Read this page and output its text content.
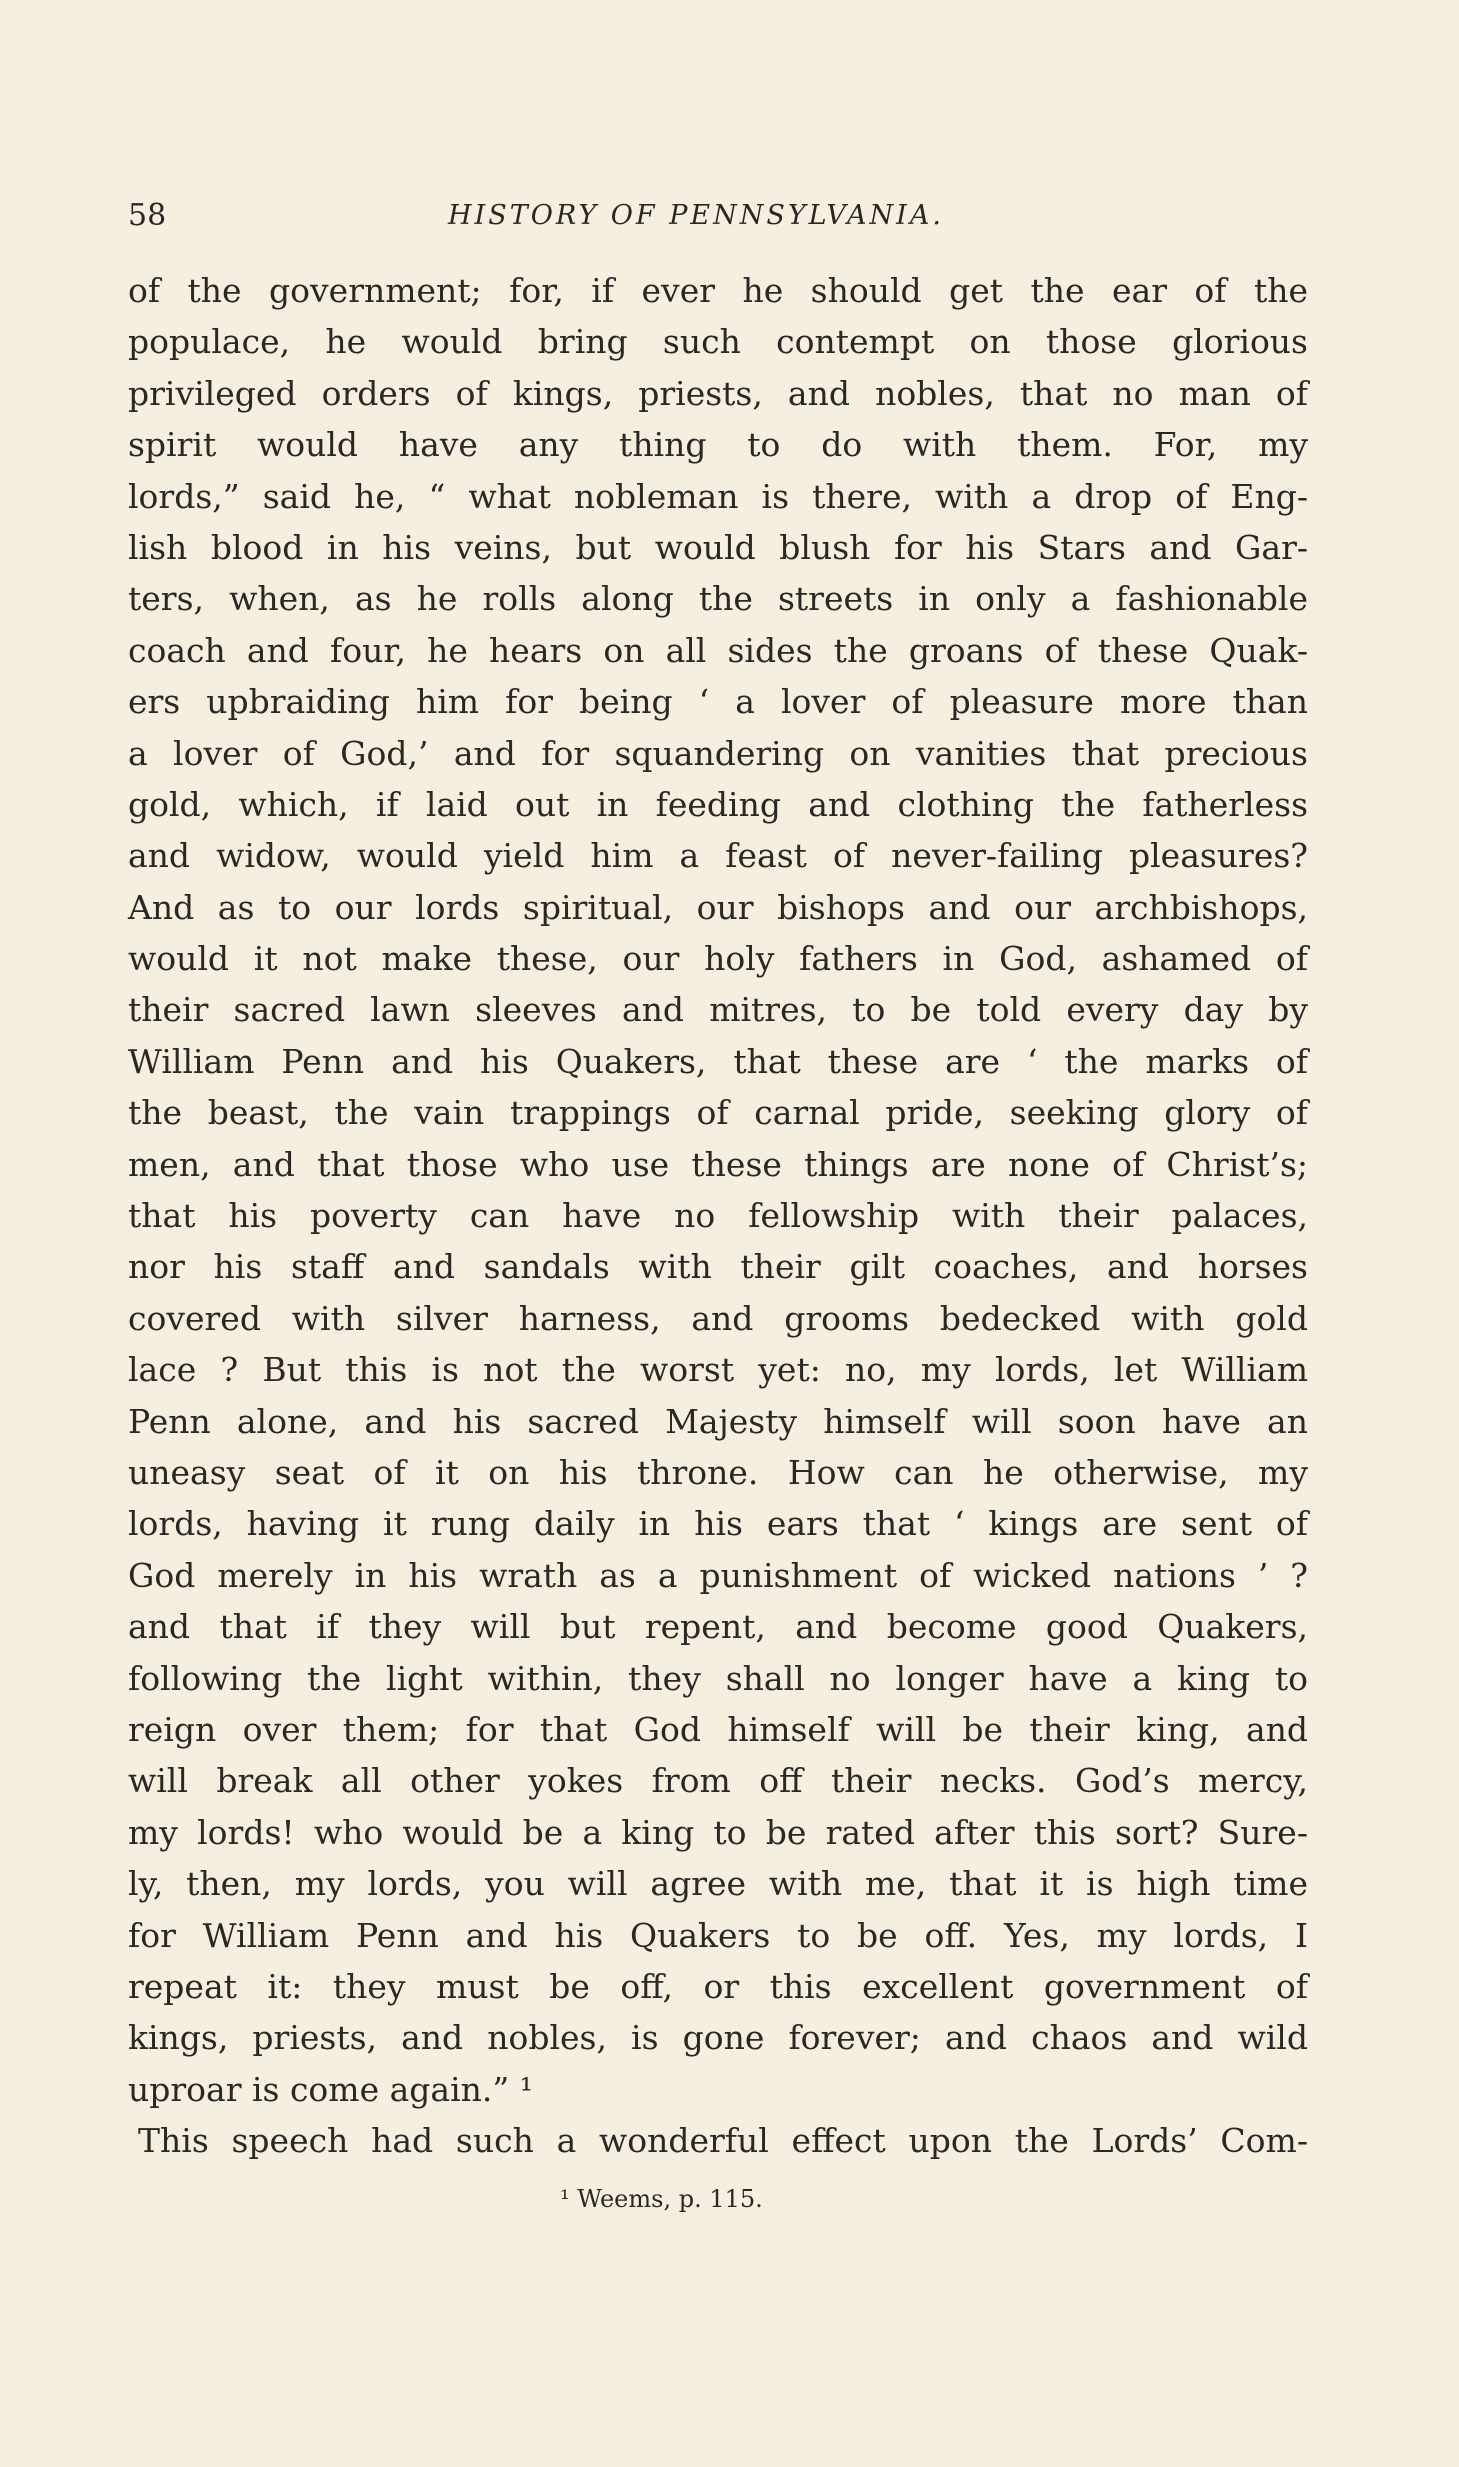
58	HISTORY OF PENNSYLVANIA.
of the government; for, if ever he should get the ear of the
populace, he would bring such contempt on those glorious
privileged orders of kings, priests, and nobles, that no man of
spirit would have any thing to do with them. For, my
lords,” said he, “ what nobleman is there, with a drop of Eng-
lish blood in his veins, but would blush for his Stars and Gar-
ters, when, as he rolls along the streets in only a fashionable
coach and four, he hears on all sides the groans of these Quak-
ers upbraiding him for being ‘ a lover of pleasure more than
a lover of God,’ and for squandering on vanities that precious
gold, which, if laid out in feeding and clothing the fatherless
and widow, would yield him a feast of never-failing pleasures?
And as to our lords spiritual, our bishops and our archbishops,
would it not make these, our holy fathers in God, ashamed of
their sacred lawn sleeves and mitres, to be told every day by
William Penn and his Quakers, that these are ‘ the marks of
the beast, the vain trappings of carnal pride, seeking glory of
men, and that those who use these things are none of Christ’s;
that his poverty can have no fellowship with their palaces,
nor his staff and sandals with their gilt coaches, and horses
covered with silver harness, and grooms bedecked with gold
lace ? But this is not the worst yet: no, my lords, let William
Penn alone, and his sacred Majesty himself will soon have an
uneasy seat of it on his throne. How can he otherwise, my
lords, having it rung daily in his ears that ‘ kings are sent of
God merely in his wrath as a punishment of wicked nations ’ ?
and that if they will but repent, and become good Quakers,
following the light within, they shall no longer have a king to
reign over them; for that God himself will be their king, and
will break all other yokes from off their necks. God’s mercy,
my lords! who would be a king to be rated after this sort? Sure-
ly, then, my lords, you will agree with me, that it is high time
for William Penn and his Quakers to be off. Yes, my lords, I
repeat it: they must be off, or this excellent government of
kings, priests, and nobles, is gone forever; and chaos and wild
uproar is come again.” ¹
This speech had such a wonderful effect upon the Lords’ Com-
¹ Weems, p. 115.
